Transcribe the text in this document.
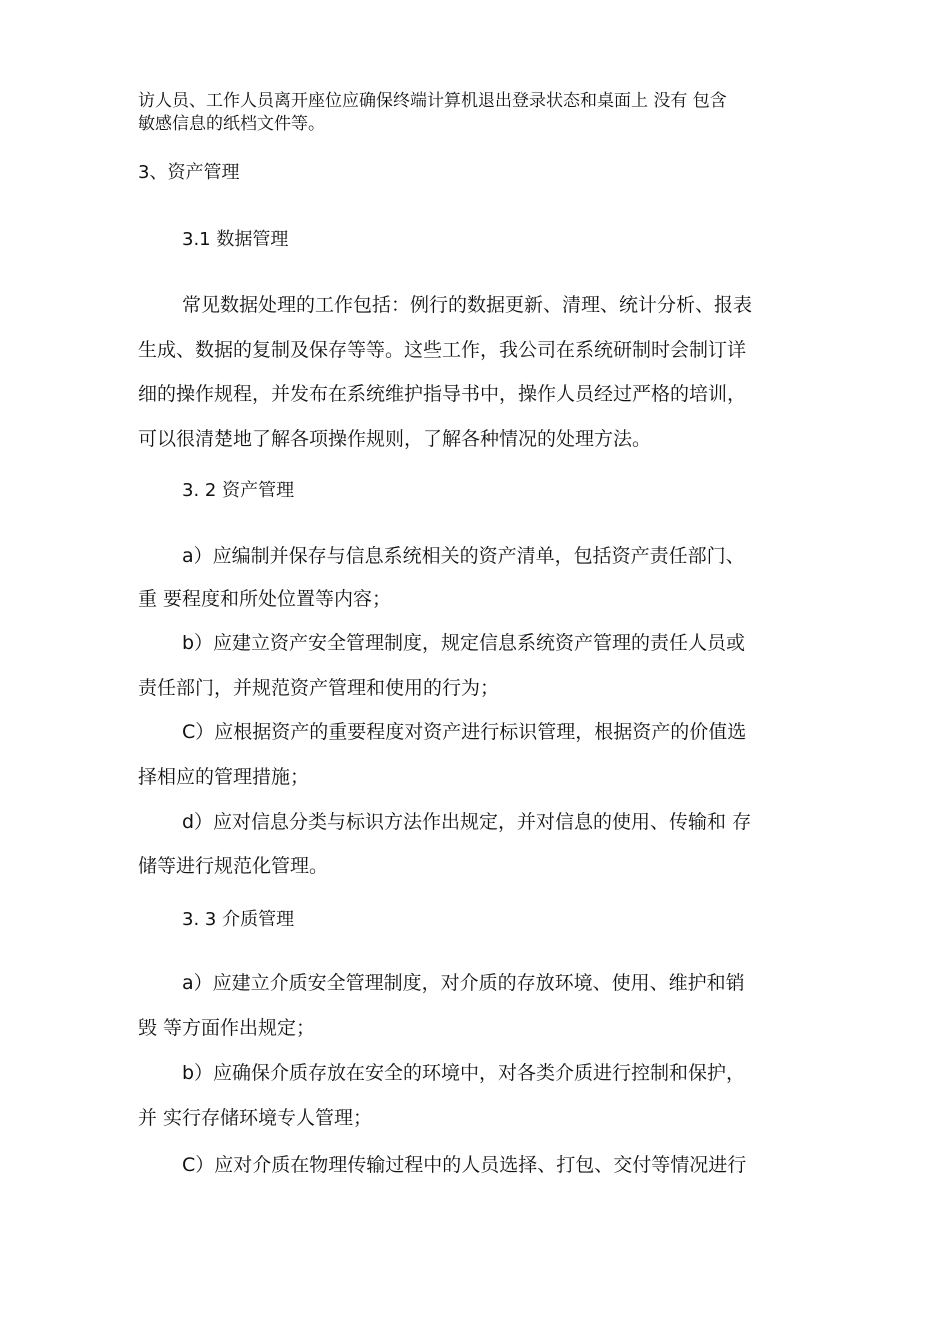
访人员、工作人员离开座位应确保终端计算机退出登录状态和桌面上 没有 包含
敏感信息的纸档文件等。
3、资产管理
3.1 数据管理
常见数据处理的工作包括：例行的数据更新、清理、统计分析、报表
生成、数据的复制及保存等等。这些工作，我公司在系统研制时会制订详
细的操作规程，并发布在系统维护指导书中，操作人员经过严格的培训，
可以很清楚地了解各项操作规则，了解各种情况的处理方法。
3. 2 资产管理
a）应编制并保存与信息系统相关的资产清单，包括资产责任部门、
重 要程度和所处位置等内容；
b）应建立资产安全管理制度，规定信息系统资产管理的责任人员或
责任部门，并规范资产管理和使用的行为；
C）应根据资产的重要程度对资产进行标识管理，根据资产的价值选
择相应的管理措施；
d）应对信息分类与标识方法作出规定，并对信息的使用、传输和 存
储等进行规范化管理。
3. 3 介质管理
a）应建立介质安全管理制度，对介质的存放环境、使用、维护和销
毁 等方面作出规定；
b）应确保介质存放在安全的环境中，对各类介质进行控制和保护，
并 实行存储环境专人管理；
C）应对介质在物理传输过程中的人员选择、打包、交付等情况进行
